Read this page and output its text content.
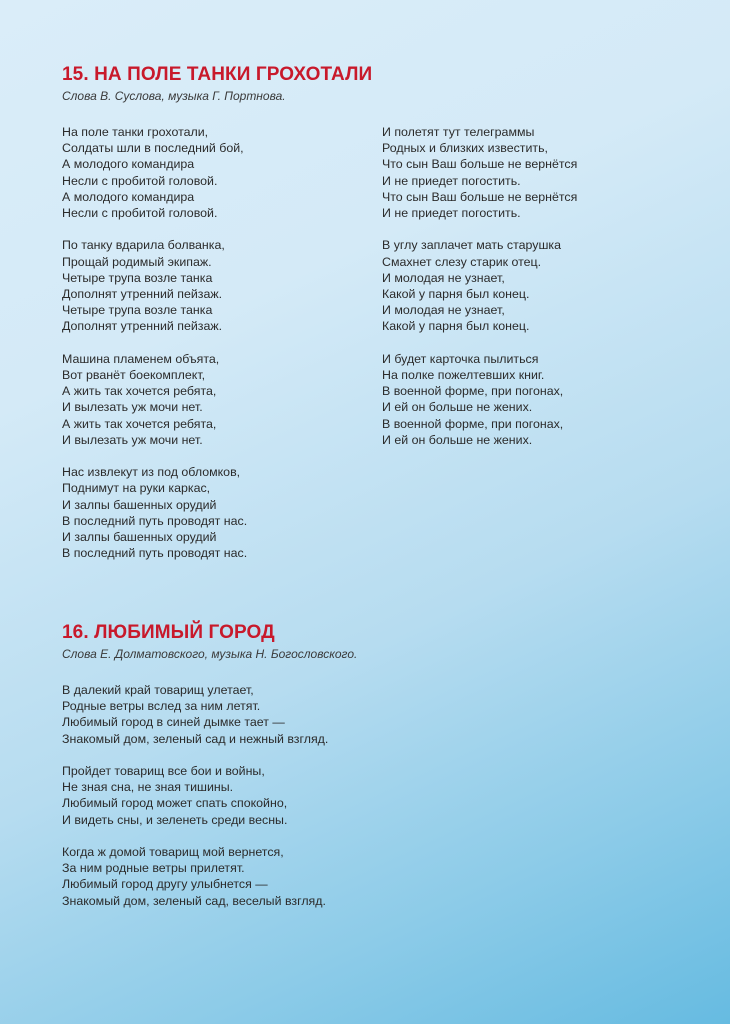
15. НА ПОЛЕ ТАНКИ ГРОХОТАЛИ

Слова В. Суслова, музыка Г. Портнова.

На поле танки грохотали,
Солдаты шли в последний бой,
А молодого командира
Несли с пробитой головой.
А молодого командира
Несли с пробитой головой.
По танку вдарила болванка,
Прощай родимый экипаж.
Четыре трупа возле танка
Дополнят утренний пейзаж.
Четыре трупа возле танка
Дополнят утренний пейзаж.
Машина пламенем объята,
Вот рванёт боекомплект,
А жить так хочется ребята,
И вылезать уж мочи нет.
А жить так хочется ребята,
И вылезать уж мочи нет.
Нас извлекут из под обломков,
Поднимут на руки каркас,
И залпы башенных орудий
В последний путь проводят нас.
И залпы башенных орудий
В последний путь проводят нас.
И полетят тут телеграммы
Родных и близких известить,
Что сын Ваш больше не вернётся
И не приедет погостить.
Что сын Ваш больше не вернётся
И не приедет погостить.
В углу заплачет мать старушка
Смахнет слезу старик отец.
И молодая не узнает,
Какой у парня был конец.
И молодая не узнает,
Какой у парня был конец.
И будет карточка пылиться
На полке пожелтевших книг.
В военной форме, при погонах,
И ей он больше не жених.
В военной форме, при погонах,
И ей он больше не жених.
16. ЛЮБИМЫЙ ГОРОД

Слова Е. Долматовского, музыка Н. Богословского.

В далекий край товарищ улетает,
Родные ветры вслед за ним летят.
Любимый город в синей дымке тает —
Знакомый дом, зеленый сад и нежный взгляд.
Пройдет товарищ все бои и войны,
Не зная сна, не зная тишины.
Любимый город может спать спокойно,
И видеть сны, и зеленеть среди весны.
Когда ж домой товарищ мой вернется,
За ним родные ветры прилетят.
Любимый город другу улыбнется —
Знакомый дом, зеленый сад, веселый взгляд.
